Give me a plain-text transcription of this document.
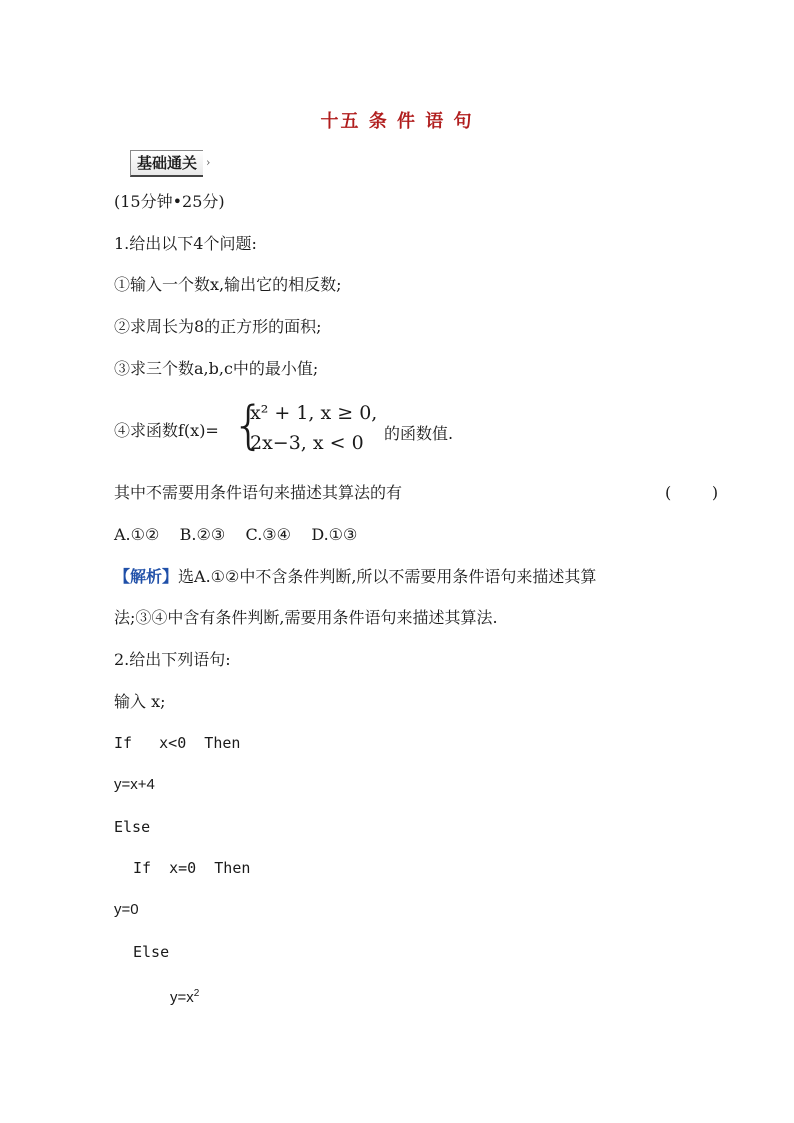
十五 条 件 语 句
基础通关 ›
(15分钟•25分)
1.给出以下4个问题:
①输入一个数x,输出它的相反数;
②求周长为8的正方形的面积;
③求三个数a,b,c中的最小值;
④求函数f(x)= {
x² + 1, x ≥ 0,
2x−3, x < 0 的函数值.
其中不需要用条件语句来描述其算法的有	(        )
A.①②    B.②③    C.③④    D.①③
【解析】选A.①②中不含条件判断,所以不需要用条件语句来描述其算
法;③④中含有条件判断,需要用条件语句来描述其算法.
2.给出下列语句:
输入 x;
If   x<0  Then
y=x+4
Else
If  x=0  Then
y=0
Else
$y=x^2$
